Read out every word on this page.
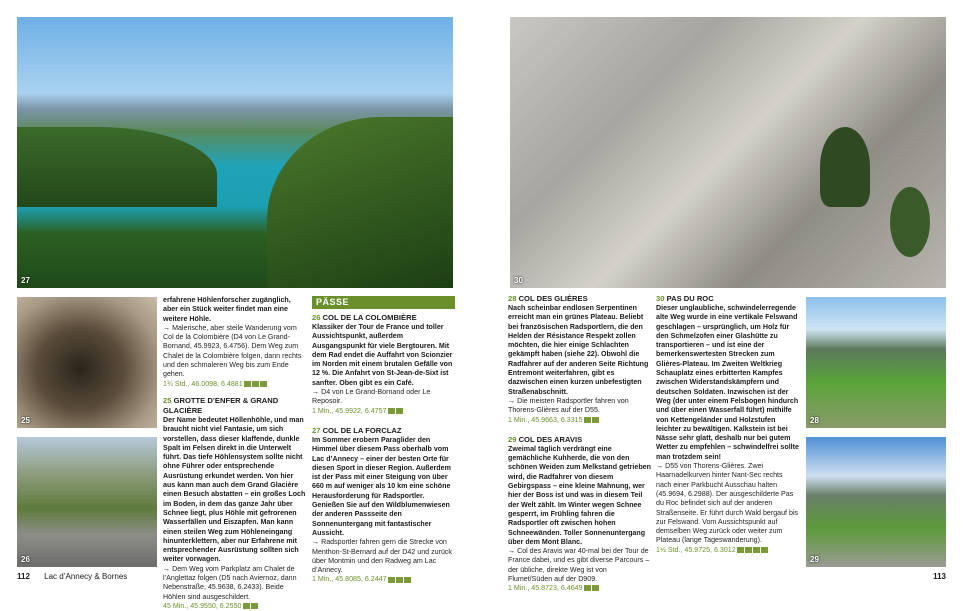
27
25
26
30
28
29

erfahrene Höhlenforscher zugänglich, aber ein Stück weiter findet man eine weitere Höhle.

→ Malerische, aber steile Wanderung vom Col de la Colombière (D4 von Le Grand-Bornand, 45.9923, 6.4756). Dem Weg zum Chalet de la Colombière folgen, dann rechts und den schmaleren Weg bis zum Ende gehen.

1¾ Std., 46.0098, 6.4881

25 GROTTE D’ENFER & GRAND GLACIÈRE

Der Name bedeutet Höllenhöhle, und man braucht nicht viel Fantasie, um sich vorstellen, dass dieser klaffende, dunkle Spalt im Felsen direkt in die Unterwelt führt. Das tiefe Höhlensystem sollte nicht ohne Führer oder entsprechende Ausrüstung erkundet werden. Von hier aus kann man auch dem Grand Glacière einen Besuch abstatten – ein großes Loch im Boden, in dem das ganze Jahr über Schnee liegt, plus Höhle mit gefrorenen Wasserfällen und Eiszapfen. Man kann einen steilen Weg zum Höhleneingang hinunterklettern, aber nur Erfahrene mit entsprechender Ausrüstung sollten sich weiter vorwagen.

→ Dem Weg vom Parkplatz am Chalet de l’Anglettaz folgen (D5 nach Aviernoz, dann Nebenstraße, 45.9638, 6.2433). Beide Höhlen sind ausgeschildert.

45 Min., 45.9550, 6.2550

PÄSSE
26 COL DE LA COLOMBIÈRE

Klassiker der Tour de France und toller Aussichtspunkt, außerdem Ausgangspunkt für viele Bergtouren. Mit dem Rad endet die Auffahrt von Scionzier im Norden mit einem brutalen Gefälle von 12 %. Die Anfahrt von St-Jean-de-Sixt ist sanfter. Oben gibt es ein Café.

→ D4 von Le Grand-Bornand oder Le Reposoir.

1 Min., 45.9922, 6.4757

27 COL DE LA FORCLAZ

Im Sommer erobern Paraglider den Himmel über diesem Pass oberhalb vom Lac d’Annecy – einer der besten Orte für diesen Sport in dieser Region. Außerdem ist der Pass mit einer Steigung von über 660 m auf weniger als 10 km eine schöne Herausforderung für Radsportler. Genießen Sie auf den Wildblumenwiesen der anderen Passseite den Sonnenuntergang mit fantastischer Aussicht.

→ Radsportler fahren gern die Strecke von Menthon-St-Bernard auf der D42 und zurück über Montmin und den Radweg am Lac d’Annecy.

1 Min., 45.8085, 6.2447

28 COL DES GLIÈRES

Nach scheinbar endlosen Serpentinen erreicht man ein grünes Plateau. Beliebt bei französischen Radsportlern, die den Helden der Résistance Respekt zollen möchten, die hier einige Schlachten gekämpft haben (siehe 22). Obwohl die Radfahrer auf der anderen Seite Richtung Entremont weiterfahren, gibt es dazwischen einen kurzen unbefestigten Straßenabschnitt.

→ Die meisten Radsportler fahren von Thorens-Glières auf der D55.

1 Min., 45.9663, 6.3315

29 COL DES ARAVIS

Zweimal täglich verdrängt eine gemächliche Kuhherde, die von den schönen Weiden zum Melkstand getrieben wird, die Radfahrer von diesem Gebirgspass – eine kleine Mahnung, wer hier der Boss ist und was in diesem Teil der Welt zählt. Im Winter wegen Schnee gesperrt, im Frühling fahren die Radsportler oft zwischen hohen Schneewänden. Toller Sonnenuntergang über dem Mont Blanc.

→ Col des Aravis war 40-mal bei der Tour de France dabei, und es gibt diverse Parcours – der übliche, direkte Weg ist von Flumet/Süden auf der D909.

1 Min., 45.8723, 6.4649

30 PAS DU ROC

Dieser unglaubliche, schwindelerregende alte Weg wurde in eine vertikale Felswand geschlagen – ursprünglich, um Holz für den Schmelzofen einer Glashütte zu transportieren – und ist eine der bemerkenswertesten Strecken zum Glières-Plateau. Im Zweiten Weltkrieg Schauplatz eines erbitterten Kampfes zwischen Widerstandskämpfern und deutschen Soldaten. Inzwischen ist der Weg (der unter einem Felsbogen hindurch und über einen Wasserfall führt) mithilfe von Kettengeländer und Holzstufen leichter zu bewältigen. Kalkstein ist bei Nässe sehr glatt, deshalb nur bei gutem Wetter zu empfehlen – schwindelfrei sollte man trotzdem sein!

→ D55 von Thorens-Glières. Zwei Haarnadelkurven hinter Nant-Sec rechts nach einer Parkbucht Ausschau halten (45.9694, 6.2988). Der ausgeschilderte Pas du Roc befindet sich auf der anderen Straßenseite. Er führt durch Wald bergauf bis zur Felswand. Vom Aussichtspunkt auf demselben Weg zurück oder weiter zum Plateau (lange Tageswanderung).

1½ Std., 45.9725, 6.3012

112 Lac d’Annecy & Bornes	113
